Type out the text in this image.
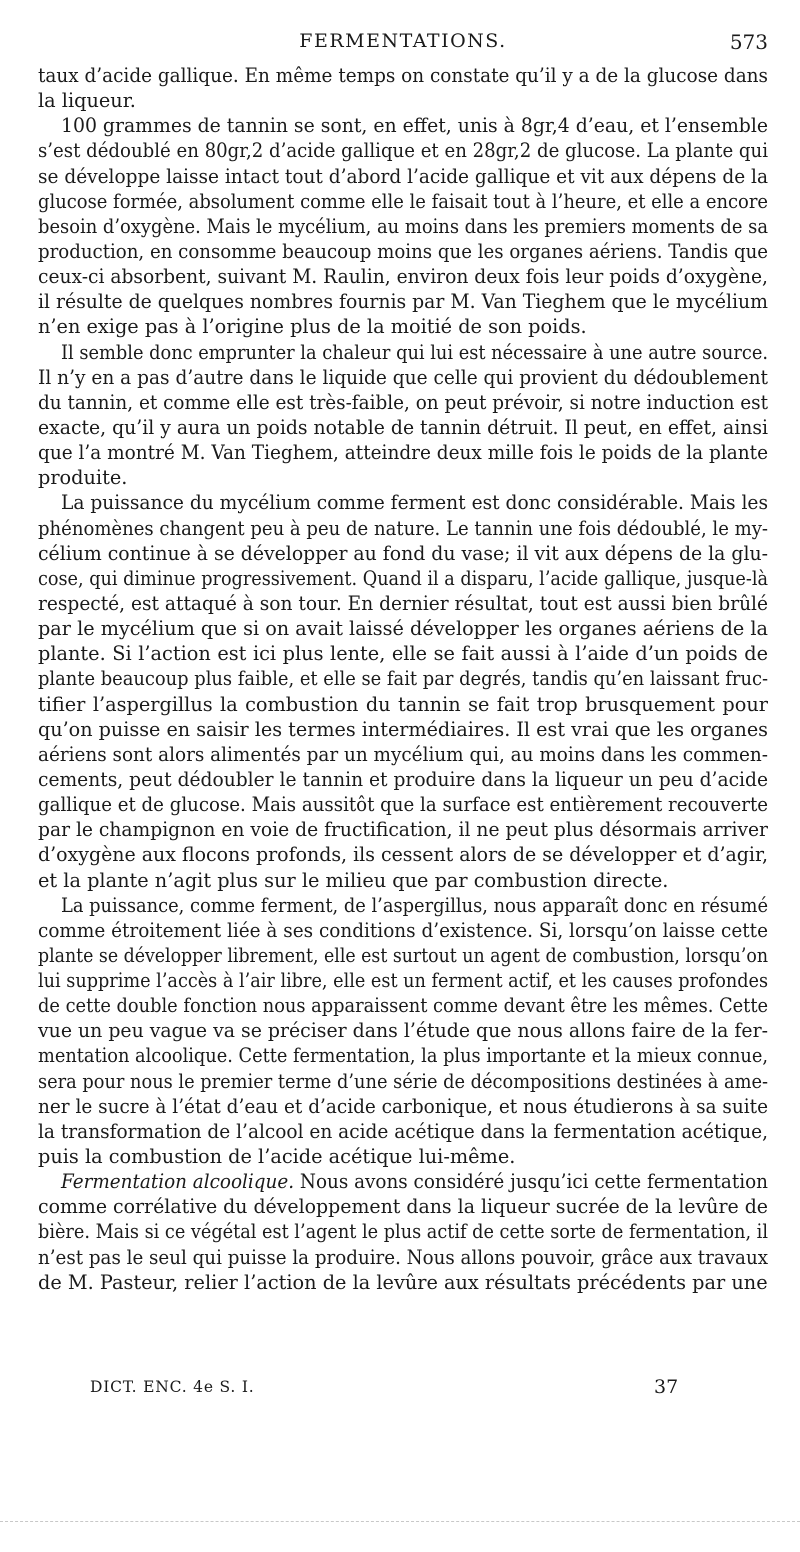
FERMENTATIONS.	573
taux d’acide gallique. En même temps on constate qu’il y a de la glucose dans
la liqueur.
100 grammes de tannin se sont, en effet, unis à 8gr,4 d’eau, et l’ensemble
s’est dédoublé en 80gr,2 d’acide gallique et en 28gr,2 de glucose. La plante qui
se développe laisse intact tout d’abord l’acide gallique et vit aux dépens de la
glucose formée, absolument comme elle le faisait tout à l’heure, et elle a encore
besoin d’oxygène. Mais le mycélium, au moins dans les premiers moments de sa
production, en consomme beaucoup moins que les organes aériens. Tandis que
ceux-ci absorbent, suivant M. Raulin, environ deux fois leur poids d’oxygène,
il résulte de quelques nombres fournis par M. Van Tieghem que le mycélium
n’en exige pas à l’origine plus de la moitié de son poids.
Il semble donc emprunter la chaleur qui lui est nécessaire à une autre source.
Il n’y en a pas d’autre dans le liquide que celle qui provient du dédoublement
du tannin, et comme elle est très-faible, on peut prévoir, si notre induction est
exacte, qu’il y aura un poids notable de tannin détruit. Il peut, en effet, ainsi
que l’a montré M. Van Tieghem, atteindre deux mille fois le poids de la plante
produite.
La puissance du mycélium comme ferment est donc considérable. Mais les
phénomènes changent peu à peu de nature. Le tannin une fois dédoublé, le my-
célium continue à se développer au fond du vase; il vit aux dépens de la glu-
cose, qui diminue progressivement. Quand il a disparu, l’acide gallique, jusque-là
respecté, est attaqué à son tour. En dernier résultat, tout est aussi bien brûlé
par le mycélium que si on avait laissé développer les organes aériens de la
plante. Si l’action est ici plus lente, elle se fait aussi à l’aide d’un poids de
plante beaucoup plus faible, et elle se fait par degrés, tandis qu’en laissant fruc-
tifier l’aspergillus la combustion du tannin se fait trop brusquement pour
qu’on puisse en saisir les termes intermédiaires. Il est vrai que les organes
aériens sont alors alimentés par un mycélium qui, au moins dans les commen-
cements, peut dédoubler le tannin et produire dans la liqueur un peu d’acide
gallique et de glucose. Mais aussitôt que la surface est entièrement recouverte
par le champignon en voie de fructification, il ne peut plus désormais arriver
d’oxygène aux flocons profonds, ils cessent alors de se développer et d’agir,
et la plante n’agit plus sur le milieu que par combustion directe.
La puissance, comme ferment, de l’aspergillus, nous apparaît donc en résumé
comme étroitement liée à ses conditions d’existence. Si, lorsqu’on laisse cette
plante se développer librement, elle est surtout un agent de combustion, lorsqu’on
lui supprime l’accès à l’air libre, elle est un ferment actif, et les causes profondes
de cette double fonction nous apparaissent comme devant être les mêmes. Cette
vue un peu vague va se préciser dans l’étude que nous allons faire de la fer-
mentation alcoolique. Cette fermentation, la plus importante et la mieux connue,
sera pour nous le premier terme d’une série de décompositions destinées à ame-
ner le sucre à l’état d’eau et d’acide carbonique, et nous étudierons à sa suite
la transformation de l’alcool en acide acétique dans la fermentation acétique,
puis la combustion de l’acide acétique lui-même.
Fermentation alcoolique. Nous avons considéré jusqu’ici cette fermentation
comme corrélative du développement dans la liqueur sucrée de la levûre de
bière. Mais si ce végétal est l’agent le plus actif de cette sorte de fermentation, il
n’est pas le seul qui puisse la produire. Nous allons pouvoir, grâce aux travaux
de M. Pasteur, relier l’action de la levûre aux résultats précédents par une
DICT. ENC. 4e S. I.	37
